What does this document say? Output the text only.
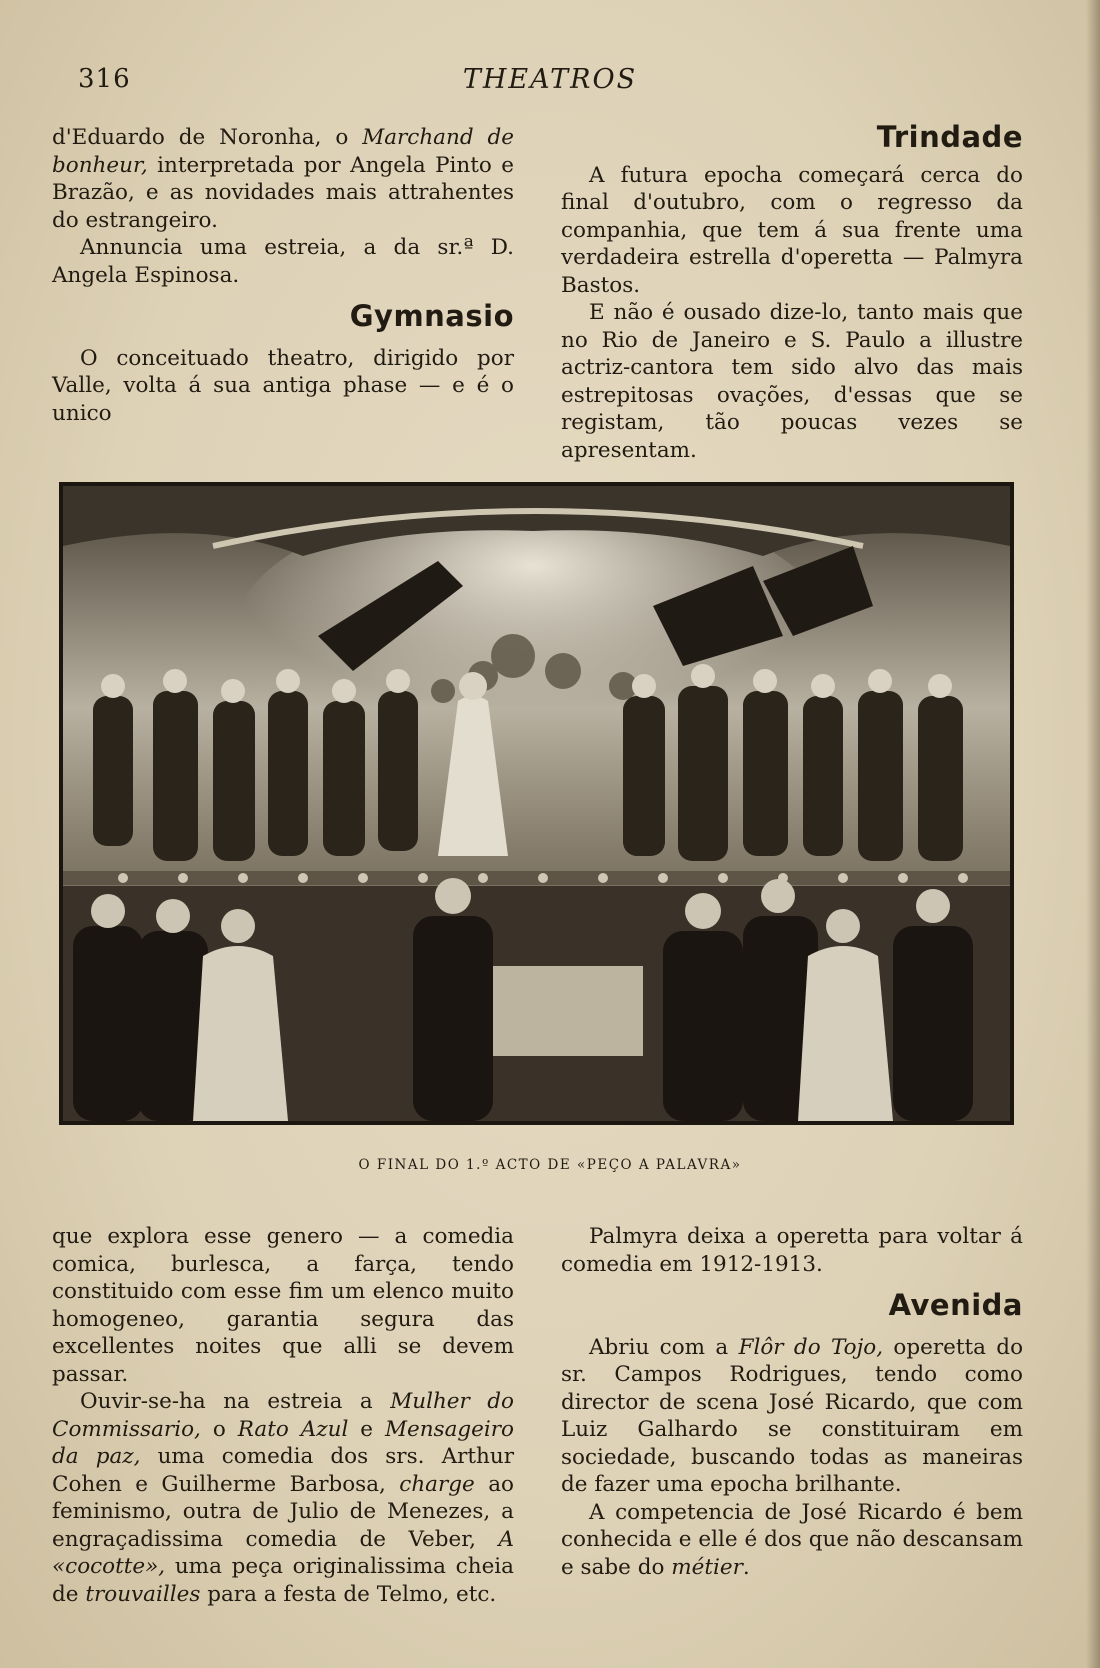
316	THEATROS

d'Eduardo de Noronha, o Marchand de bonheur, interpretada por Angela Pinto e Brazão, e as novidades mais attrahentes do estrangeiro.

Annuncia uma estreia, a da sr.ª D. Angela Espinosa.

Gymnasio

O conceituado theatro, dirigido por Valle, volta á sua antiga phase — e é o unico

Trindade

A futura epocha começará cerca do final d'outubro, com o regresso da companhia, que tem á sua frente uma verdadeira estrella d'operetta — Palmyra Bastos.

E não é ousado dize-lo, tanto mais que no Rio de Janeiro e S. Paulo a illustre actriz-cantora tem sido alvo das mais estrepitosas ovações, d'essas que se registam, tão poucas vezes se apresentam.

O FINAL DO 1.º ACTO DE «PEÇO A PALAVRA»

que explora esse genero — a comedia comica, burlesca, a farça, tendo constituido com esse fim um elenco muito homogeneo, garantia segura das excellentes noites que alli se devem passar.

Ouvir-se-ha na estreia a Mulher do Commissario, o Rato Azul e Mensageiro da paz, uma comedia dos srs. Arthur Cohen e Guilherme Barbosa, charge ao feminismo, outra de Julio de Menezes, a engraçadissima comedia de Veber, A «cocotte», uma peça originalissima cheia de trouvailles para a festa de Telmo, etc.

Palmyra deixa a operetta para voltar á comedia em 1912-1913.

Avenida

Abriu com a Flôr do Tojo, operetta do sr. Campos Rodrigues, tendo como director de scena José Ricardo, que com Luiz Galhardo se constituiram em sociedade, buscando todas as maneiras de fazer uma epocha brilhante.

A competencia de José Ricardo é bem conhecida e elle é dos que não descansam e sabe do métier.
